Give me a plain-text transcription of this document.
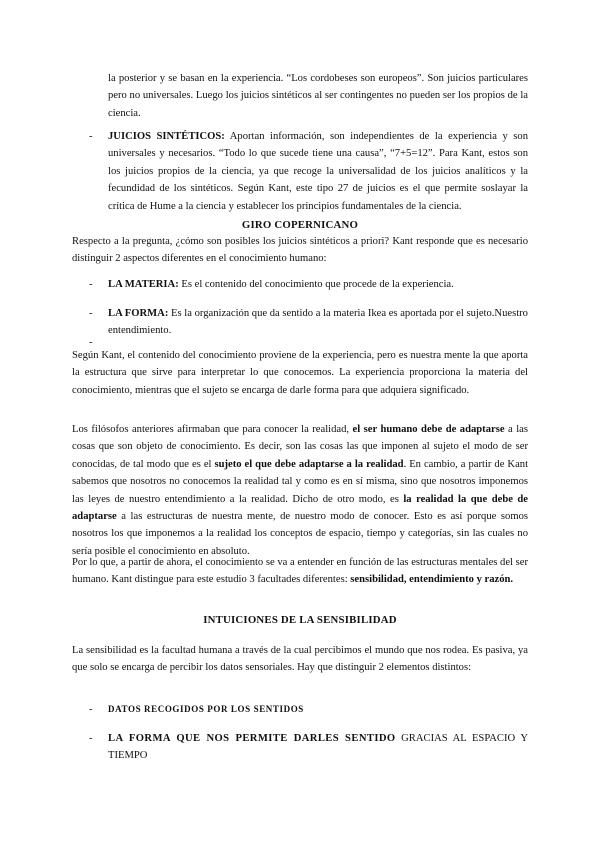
la posterior y se basan en la experiencia. “Los cordobeses son europeos”. Son juicios particulares pero no universales. Luego los juicios sintéticos al ser contingentes no pueden ser los propios de la ciencia.

- JUICIOS SINTÉTICOS: Aportan información, son independientes de la experiencia y son universales y necesarios. “Todo lo que sucede tiene una causa”, “7+5=12”. Para Kant, estos son los juicios propios de la ciencia, ya que recoge la universalidad de los juicios analíticos y la fecundidad de los sintéticos. Según Kant, este tipo 27 de juicios es el que permite soslayar la crítica de Hume a la ciencia y establecer los principios fundamentales de la ciencia.

GIRO COPERNICANO

Respecto a la pregunta, ¿cómo son posibles los juicios sintéticos a priori? Kant responde que es necesario distinguir 2 aspectos diferentes en el conocimiento humano:

- LA MATERIA: Es el contenido del conocimiento que procede de la experiencia.

- LA FORMA: Es la organización que da sentido a la materia Ikea es aportada por el sujeto.Nuestro entendimiento.

-

Según Kant, el contenido del conocimiento proviene de la experiencia, pero es nuestra mente la que aporta la estructura que sirve para interpretar lo que conocemos. La experiencia proporciona la materia del conocimiento, mientras que el sujeto se encarga de darle forma para que adquiera significado.

Los filósofos anteriores afirmaban que para conocer la realidad, el ser humano debe de adaptarse a las cosas que son objeto de conocimiento. Es decir, son las cosas las que imponen al sujeto el modo de ser conocidas, de tal modo que es el sujeto el que debe adaptarse a la realidad. En cambio, a partir de Kant sabemos que nosotros no conocemos la realidad tal y como es en sí misma, sino que nosotros imponemos las leyes de nuestro entendimiento a la realidad. Dicho de otro modo, es la realidad la que debe de adaptarse a las estructuras de nuestra mente, de nuestro modo de conocer. Esto es así porque somos nosotros los que imponemos a la realidad los conceptos de espacio, tiempo y categorías, sin las cuales no sería posible el conocimiento en absoluto.

Por lo que, a partir de ahora, el conocimiento se va a entender en función de las estructuras mentales del ser humano. Kant distingue para este estudio 3 facultades diferentes: sensibilidad, entendimiento y razón.

INTUICIONES DE LA SENSIBILIDAD

La sensibilidad es la facultad humana a través de la cual percibimos el mundo que nos rodea. Es pasiva, ya que solo se encarga de percibir los datos sensoriales. Hay que distinguir 2 elementos distintos:

- DATOS RECOGIDOS POR LOS SENTIDOS

- LA FORMA QUE NOS PERMITE DARLES SENTIDO GRACIAS AL ESPACIO Y TIEMPO
